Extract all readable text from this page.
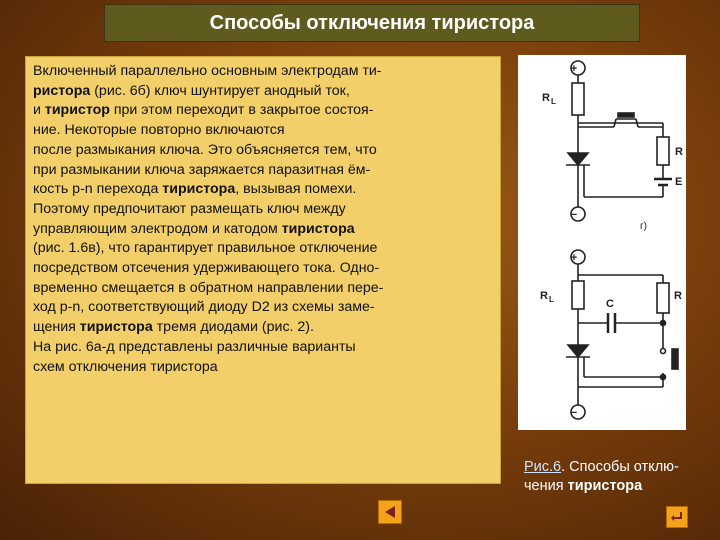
Способы отключения тиристора

Включенный параллельно основным электродам ти-
ристора (рис. 6б) ключ шунтирует анодный ток,
и тиристор при этом переходит в закрытое состоя-
ние. Некоторые повторно включаются
после размыкания ключа. Это объясняется тем, что
при размыкании ключа заряжается паразитная ём-
кость p-n перехода тиристора, вызывая помехи.
Поэтому предпочитают размещать ключ между
управляющим электродом и катодом тиристора
(рис. 1.6в), что гарантирует правильное отключение
посредством отсечения удерживающего тока. Одно-
временно смещается в обратном направлении пере-
ход p-n, соответствующий диоду D2 из схемы заме-
щения тиристора тремя диодами (рис. 2).
На рис. 6а-д представлены различные варианты
схем отключения тиристора

+
R L
R
E
−
г)
+
R L	C
R
−
Рис.6. Способы отклю-
чения тиристора
